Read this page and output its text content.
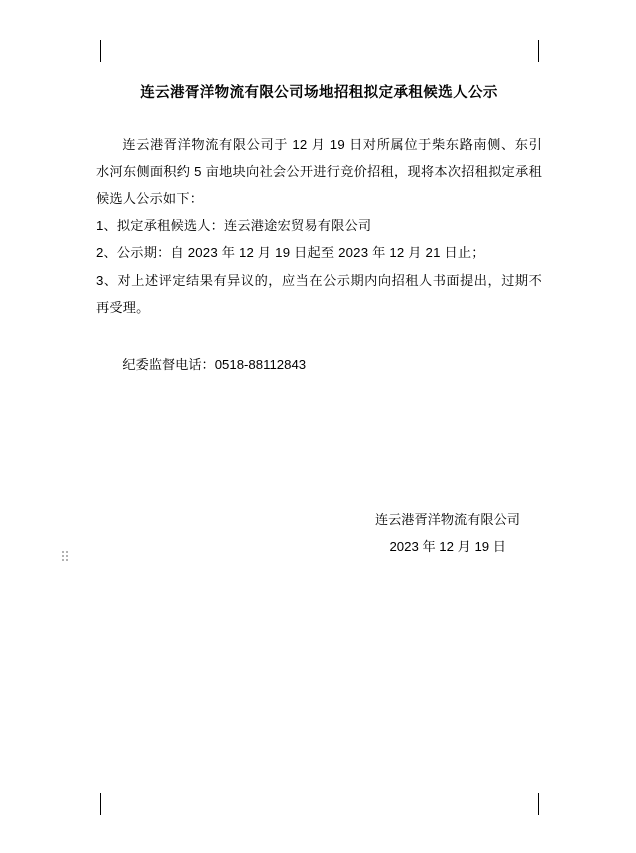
连云港胥洋物流有限公司场地招租拟定承租候选人公示

连云港胥洋物流有限公司于 12 月 19 日对所属位于柴东路南侧、东引水河东侧面积约 5 亩地块向社会公开进行竞价招租，现将本次招租拟定承租候选人公示如下：

1、拟定承租候选人：连云港途宏贸易有限公司

2、公示期：自 2023 年 12 月 19 日起至 2023 年 12 月 21 日止；

3、对上述评定结果有异议的，应当在公示期内向招租人书面提出，过期不再受理。

纪委监督电话：0518-88112843

连云港胥洋物流有限公司

2023 年 12 月 19 日
